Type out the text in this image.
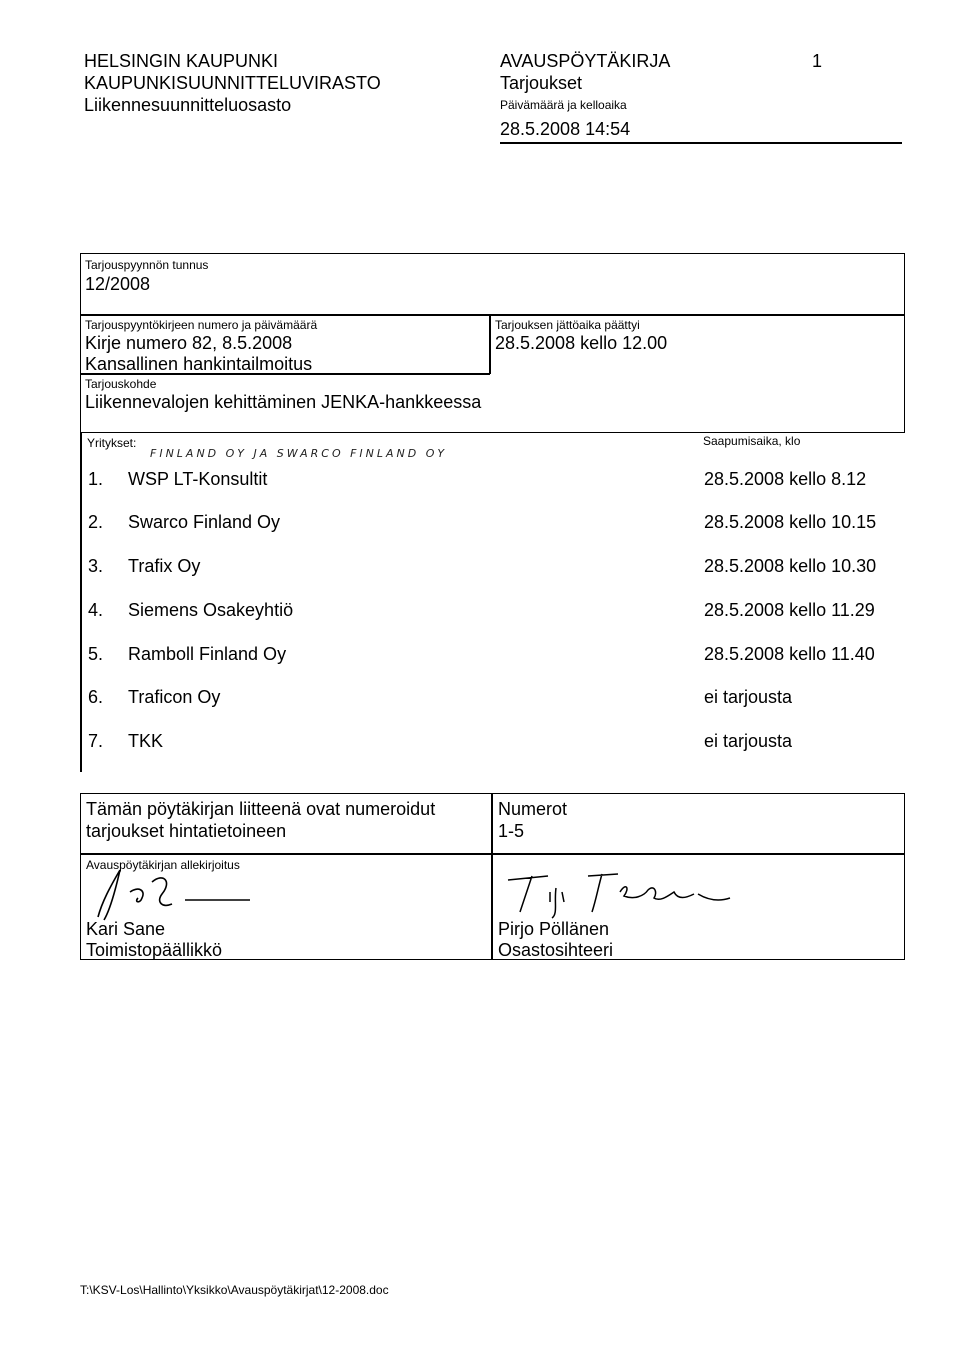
HELSINGIN KAUPUNKI
KAUPUNKISUUNNITTELUVIRASTO
Liikennesuunnitteluosasto
AVAUSPÖYTÄKIRJA	1
Tarjoukset
Päivämäärä ja kelloaika
28.5.2008 14:54
Tarjouspyynnön tunnus
12/2008
Tarjouspyyntökirjeen numero ja päivämäärä
Kirje numero 82, 8.5.2008
Kansallinen hankintailmoitus
Tarjouksen jättöaika päättyi
28.5.2008 kello 12.00
Tarjouskohde
Liikennevalojen kehittäminen JENKA-hankkeessa
Yritykset:	Saapumisaika, klo
FINLAND OY JA SWARCO FINLAND OY
1. WSP LT-Konsultit	28.5.2008 kello 8.12
2. Swarco Finland Oy	28.5.2008 kello 10.15
3. Trafix Oy	28.5.2008 kello 10.30
4. Siemens Osakeyhtiö	28.5.2008 kello 11.29
5. Ramboll Finland Oy	28.5.2008 kello 11.40
6. Traficon Oy	ei tarjousta
7. TKK	ei tarjousta
Tämän pöytäkirjan liitteenä ovat numeroidut
tarjoukset hintatietoineen
Numerot
1-5
Avauspöytäkirjan allekirjoitus
Kari Sane
Toimistopäällikkö
Pirjo Pöllänen
Osastosihteeri
T:\KSV-Los\Hallinto\Yksikko\Avauspöytäkirjat\12-2008.doc
